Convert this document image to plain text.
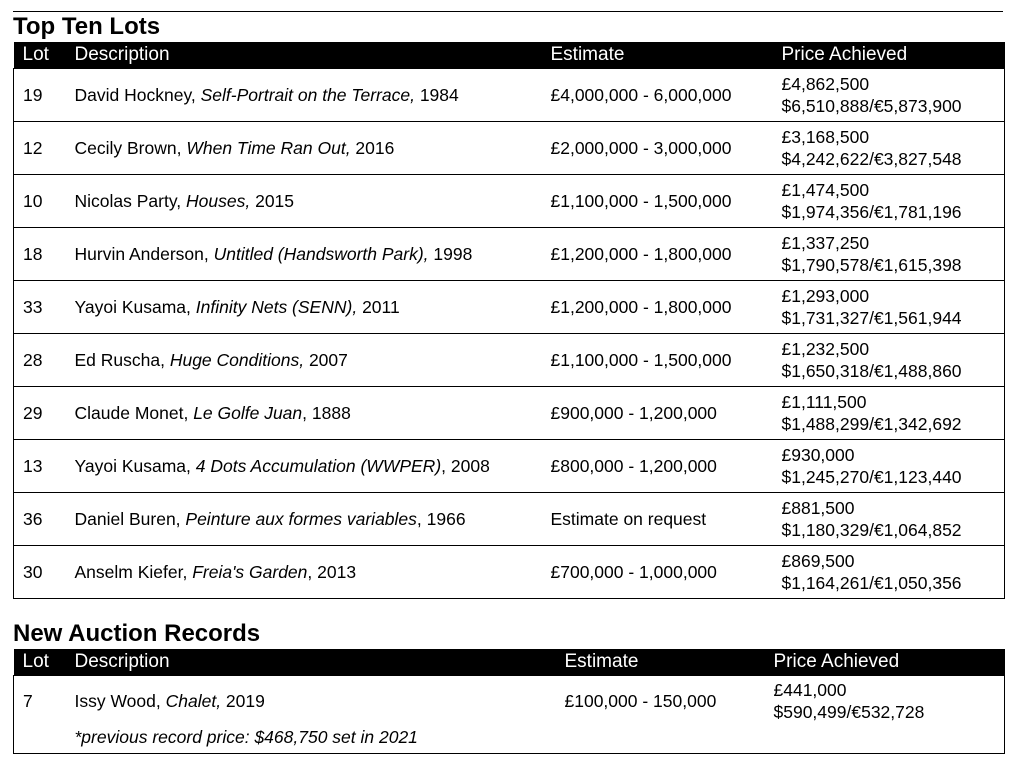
Top Ten Lots
Lot	Description	Estimate	Price Achieved
19	David Hockney, Self-Portrait on the Terrace, 1984	£4,000,000 - 6,000,000	£4,862,500
$6,510,888/€5,873,900

12	Cecily Brown, When Time Ran Out, 2016	£2,000,000 - 3,000,000	£3,168,500
$4,242,622/€3,827,548

10	Nicolas Party, Houses, 2015	£1,100,000 - 1,500,000	£1,474,500
$1,974,356/€1,781,196

18	Hurvin Anderson, Untitled (Handsworth Park), 1998	£1,200,000 - 1,800,000	£1,337,250
$1,790,578/€1,615,398

33	Yayoi Kusama, Infinity Nets (SENN), 2011	£1,200,000 - 1,800,000	£1,293,000
$1,731,327/€1,561,944

28	Ed Ruscha, Huge Conditions, 2007	£1,100,000 - 1,500,000	£1,232,500
$1,650,318/€1,488,860

29	Claude Monet, Le Golfe Juan, 1888	£900,000 - 1,200,000	£1,111,500
$1,488,299/€1,342,692

13	Yayoi Kusama, 4 Dots Accumulation (WWPER), 2008	£800,000 - 1,200,000	£930,000
$1,245,270/€1,123,440

36	Daniel Buren, Peinture aux formes variables, 1966	Estimate on request	£881,500
$1,180,329/€1,064,852

30	Anselm Kiefer, Freia's Garden, 2013	£700,000 - 1,000,000	£869,500
$1,164,261/€1,050,356
New Auction Records
Lot	Description	Estimate	Price Achieved
7	Issy Wood, Chalet, 2019	£100,000 - 150,000	£441,000
$590,499/€532,728

	*previous record price: $468,750 set in 2021		
